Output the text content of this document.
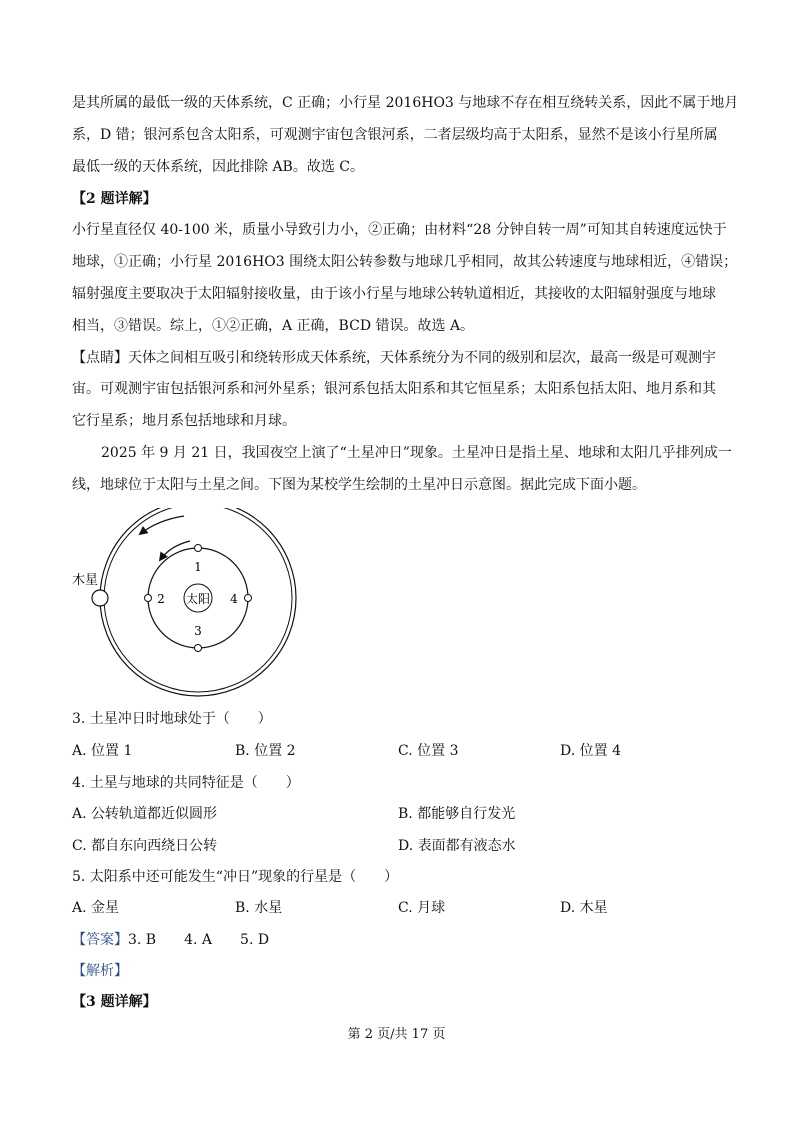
是其所属的最低一级的天体系统，C 正确；小行星 2016HO3 与地球不存在相互绕转关系，因此不属于地月
系，D 错；银河系包含太阳系，可观测宇宙包含银河系，二者层级均高于太阳系，显然不是该小行星所属
最低一级的天体系统，因此排除 AB。故选 C。
【2 题详解】
小行星直径仅 40-100 米，质量小导致引力小，②正确；由材料“28 分钟自转一周”可知其自转速度远快于
地球，①正确；小行星 2016HO3 围绕太阳公转参数与地球几乎相同，故其公转速度与地球相近，④错误；
辐射强度主要取决于太阳辐射接收量，由于该小行星与地球公转轨道相近，其接收的太阳辐射强度与地球
相当，③错误。综上，①②正确，A 正确，BCD 错误。故选 A。
【点睛】天体之间相互吸引和绕转形成天体系统，天体系统分为不同的级别和层次，最高一级是可观测宇
宙。可观测宇宙包括银河系和河外星系；银河系包括太阳系和其它恒星系；太阳系包括太阳、地月系和其
它行星系；地月系包括地球和月球。
2025 年 9 月 21 日，我国夜空上演了“土星冲日”现象。土星冲日是指土星、地球和太阳几乎排列成一
线，地球位于太阳与土星之间。下图为某校学生绘制的土星冲日示意图。据此完成下面小题。
太阳
木星
1
2
3
4
3. 土星冲日时地球处于（　　）
A. 位置 1	B. 位置 2	C. 位置 3	D. 位置 4
4. 土星与地球的共同特征是（　　）
A. 公转轨道都近似圆形	B. 都能够自行发光
C. 都自东向西绕日公转	D. 表面都有液态水
5. 太阳系中还可能发生“冲日”现象的行星是（　　）
A. 金星	B. 水星	C. 月球	D. 木星
【答案】3. B 4. A 5. D
【解析】
【3 题详解】
第 2 页/共 17 页
